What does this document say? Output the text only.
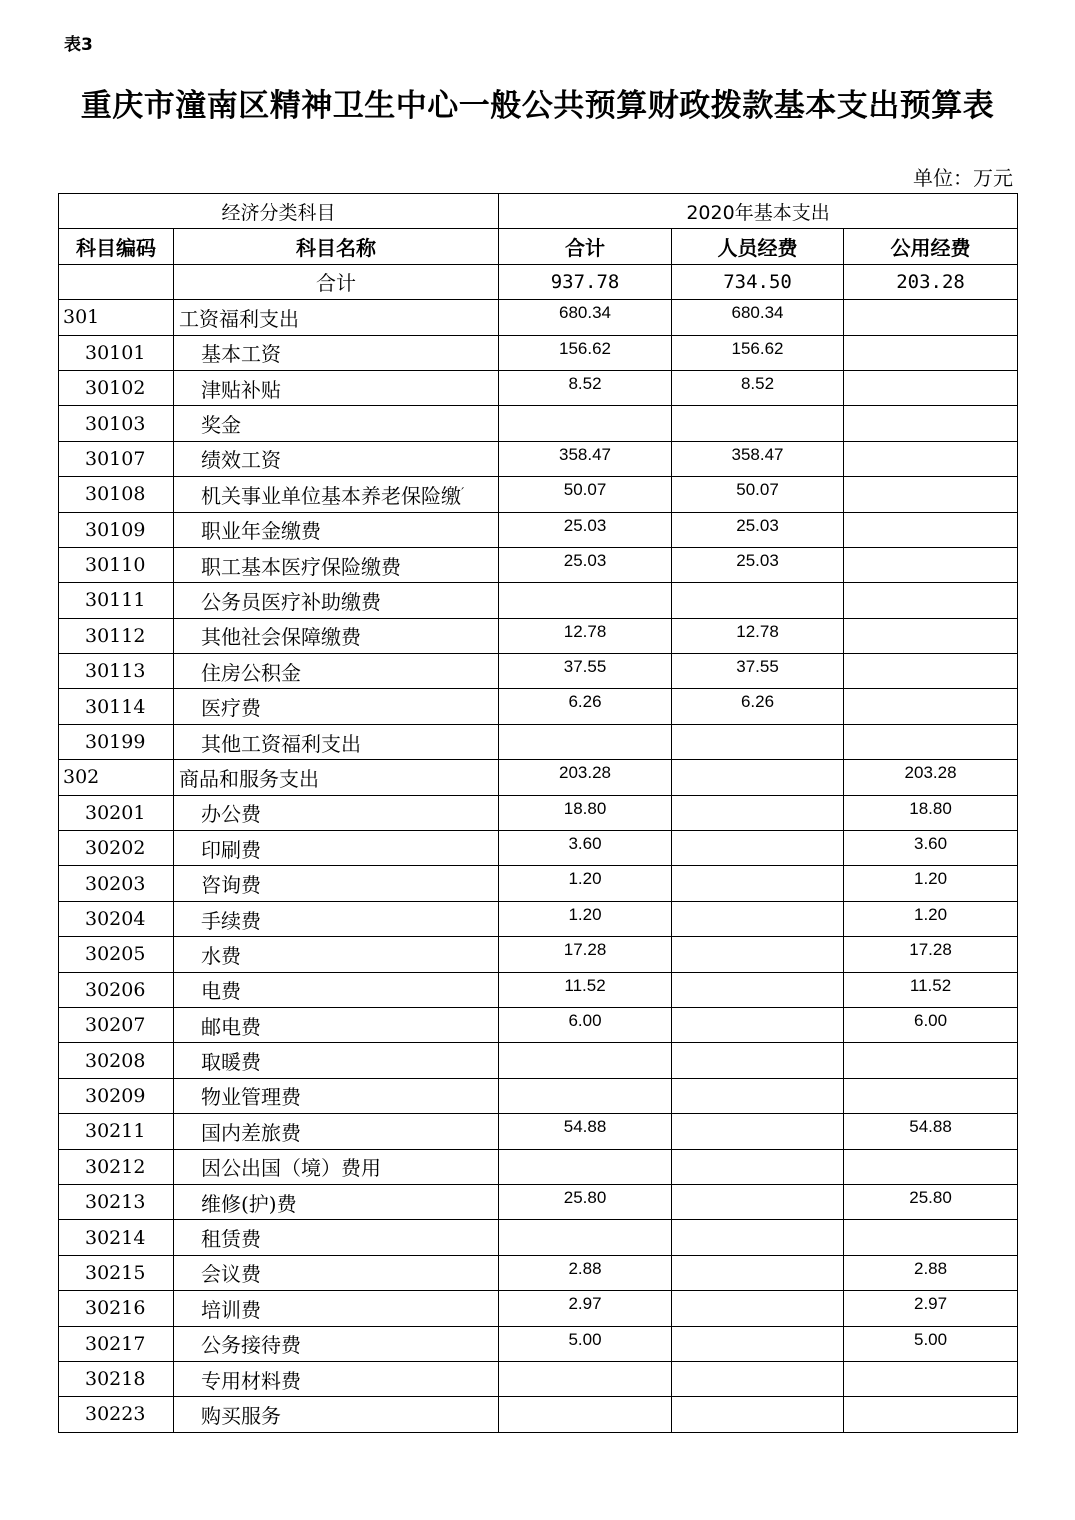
表3
重庆市潼南区精神卫生中心一般公共预算财政拨款基本支出预算表
单位：万元
经济分类科目		2020年基本支出		
科目编码	科目名称	合计	人员经费	公用经费
	合计	937.78	734.50	203.28
301	工资福利支出	680.34	680.34	
30101	基本工资	156.62	156.62	
30102	津贴补贴	8.52	8.52	
30103	奖金			
30107	绩效工资	358.47	358.47	
30108	机关事业单位基本养老保险缴 ´	50.07	50.07	
30109	职业年金缴费	25.03	25.03	
30110	职工基本医疗保险缴费	25.03	25.03	
30111	公务员医疗补助缴费			
30112	其他社会保障缴费	12.78	12.78	
30113	住房公积金	37.55	37.55	
30114	医疗费	6.26	6.26	
30199	其他工资福利支出			
302	商品和服务支出	203.28		203.28
30201	办公费	18.80		18.80
30202	印刷费	3.60		3.60
30203	咨询费	1.20		1.20
30204	手续费	1.20		1.20
30205	水费	17.28		17.28
30206	电费	11.52		11.52
30207	邮电费	6.00		6.00
30208	取暖费			
30209	物业管理费			
30211	国内差旅费	54.88		54.88
30212	因公出国（境）费用			
30213	维修(护)费	25.80		25.80
30214	租赁费			
30215	会议费	2.88		2.88
30216	培训费	2.97		2.97
30217	公务接待费	5.00		5.00
30218	专用材料费			
30223	购买服务			
